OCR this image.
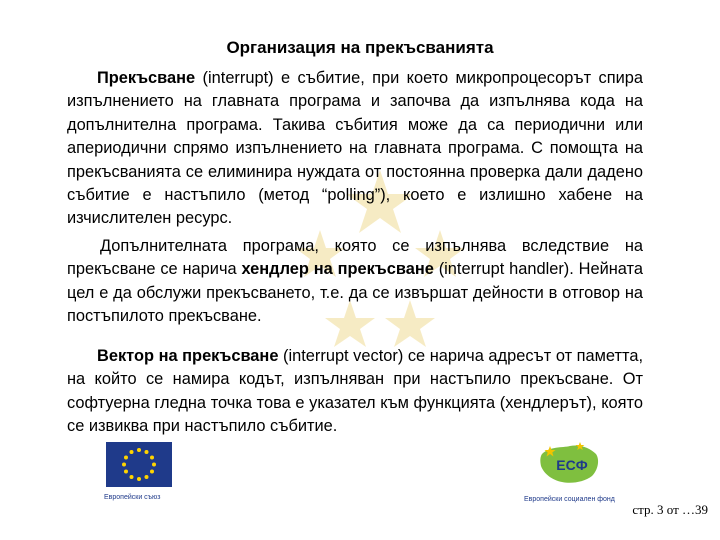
Организация на прекъсванията

Прекъсване (interrupt) е събитие, при което микропроцесорът спира изпълнението на главната програма и започва да изпълнява кода на допълнителна програма. Такива събития може да са периодични или апериодични спрямо изпълнението на главната програма. С помощта на прекъсванията се елиминира нуждата от постоянна проверка дали дадено събитие е настъпило (метод “polling”), което е излишно хабене на изчислителен ресурс.

Допълнителната програма, която се изпълнява вследствие на прекъсване се нарича хендлер на прекъсване (interrupt handler). Нейната цел е да обслужи прекъсването, т.е. да се извършат дейности в отговор на постъпилото прекъсване.

Вектор на прекъсване (interrupt vector) се нарича адресът от паметта, на който се намира кодът, изпълняван при настъпило прекъсване. От софтуерна гледна точка това е указател към функцията (хендлерът), която се извиква при настъпило събитие.

Европейски съюз
ЕСФ
Европейски социален фонд
стр. 3 от …39
